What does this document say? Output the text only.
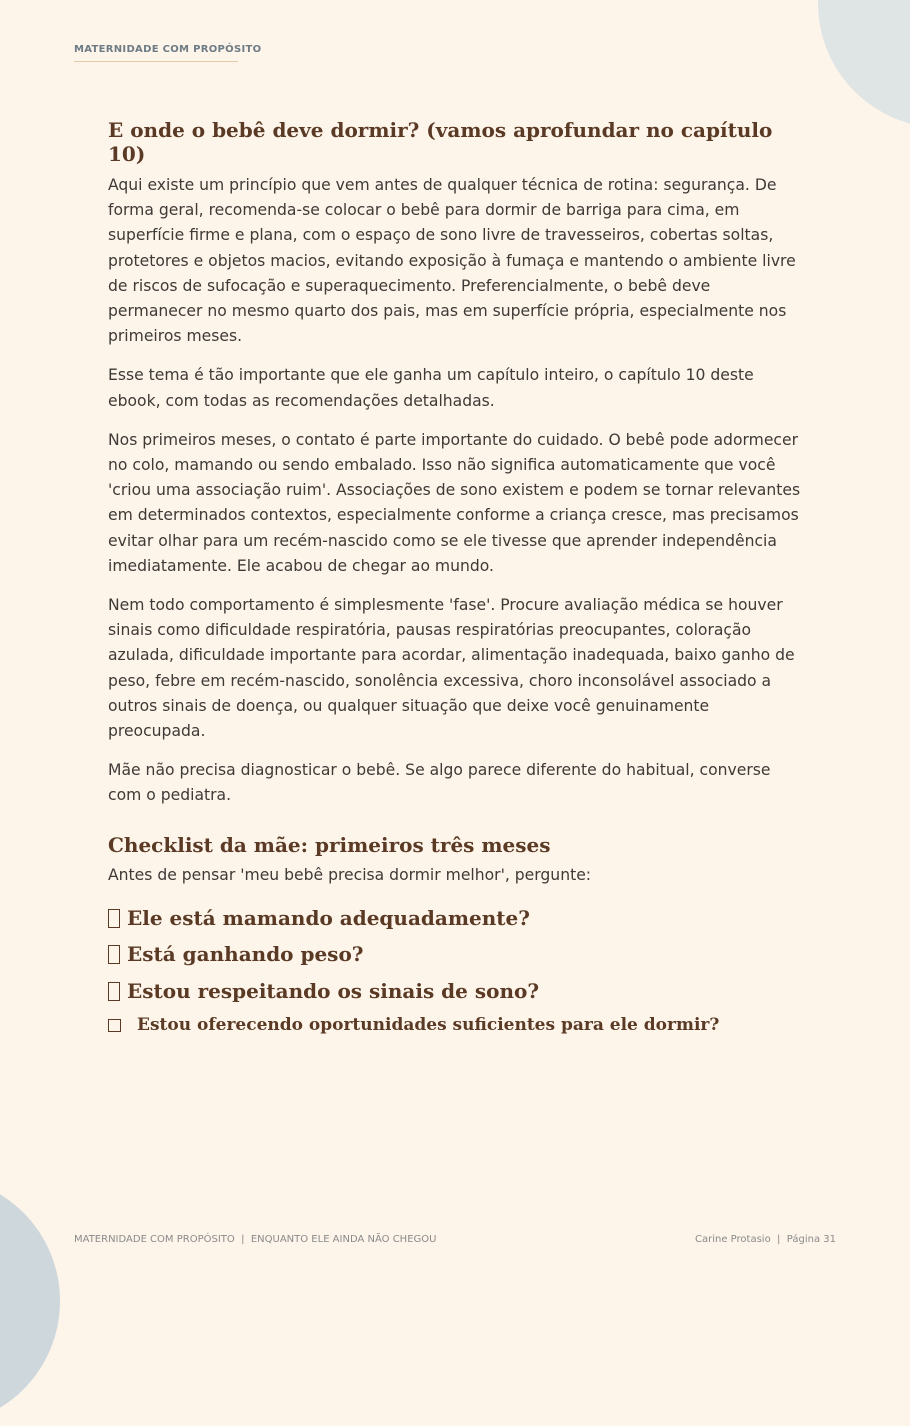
MATERNIDADE COM PROPÓSITO
E onde o bebê deve dormir? (vamos aprofundar no capítulo 10)

Aqui existe um princípio que vem antes de qualquer técnica de rotina: segurança. De forma geral, recomenda-se colocar o bebê para dormir de barriga para cima, em superfície firme e plana, com o espaço de sono livre de travesseiros, cobertas soltas, protetores e objetos macios, evitando exposição à fumaça e mantendo o ambiente livre de riscos de sufocação e superaquecimento. Preferencialmente, o bebê deve permanecer no mesmo quarto dos pais, mas em superfície própria, especialmente nos primeiros meses.

Esse tema é tão importante que ele ganha um capítulo inteiro, o capítulo 10 deste ebook, com todas as recomendações detalhadas.

Nos primeiros meses, o contato é parte importante do cuidado. O bebê pode adormecer no colo, mamando ou sendo embalado. Isso não significa automaticamente que você 'criou uma associação ruim'. Associações de sono existem e podem se tornar relevantes em determinados contextos, especialmente conforme a criança cresce, mas precisamos evitar olhar para um recém-nascido como se ele tivesse que aprender independência imediatamente. Ele acabou de chegar ao mundo.

Nem todo comportamento é simplesmente 'fase'. Procure avaliação médica se houver sinais como dificuldade respiratória, pausas respiratórias preocupantes, coloração azulada, dificuldade importante para acordar, alimentação inadequada, baixo ganho de peso, febre em recém-nascido, sonolência excessiva, choro inconsolável associado a outros sinais de doença, ou qualquer situação que deixe você genuinamente preocupada.

Mãe não precisa diagnosticar o bebê. Se algo parece diferente do habitual, converse com o pediatra.

Checklist da mãe: primeiros três meses

Antes de pensar 'meu bebê precisa dormir melhor', pergunte:

Ele está mamando adequadamente?
Está ganhando peso?
Estou respeitando os sinais de sono?
Estou oferecendo oportunidades suficientes para ele dormir?
MATERNIDADE COM PROPÓSITO  |  ENQUANTO ELE AINDA NÃO CHEGOU	Carine Protasio  |  Página 31
